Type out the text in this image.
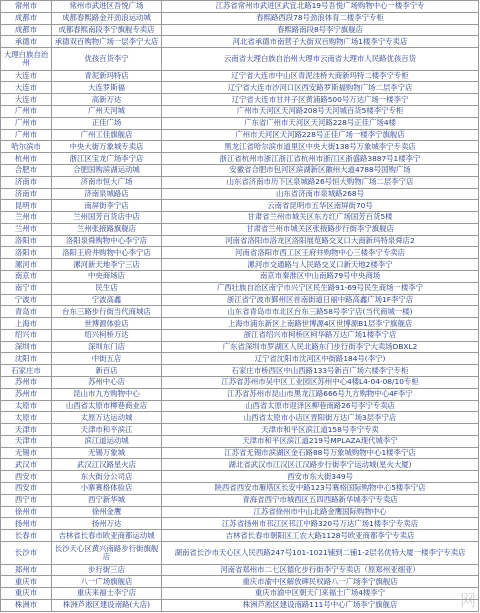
常州市	常州市武进区吾悦广场	江苏省常州市武进区武宜北路19号吾悦广场购物中心一楼李宁专
成都市	成都春熙路金开劲浪运动城	春熙路西段78号劲浪体育二楼李宁专柜
成都市	成都春熙南段李宁旗舰专卖店	春熙路南段8号李宁旗舰店
承德市	承德双百购物广场一层李宁大店	河北省承德市南营子大街双百购物广场1楼李宁专卖店
大理白族自治州	优孩百货李宁	云南省大理白族自治州大理市云南省大理市人民路优孩百货
大连市	青泥新玛特店	辽宁省大连市中山区青泥洼桥大商新玛特二楼李宁专柜
大连市	大连罗斯福	辽宁省大连市沙河口区西安路罗斯福购物广场二层李宁店
大连市	高新万达	辽宁省大连市甘井子区黄浦路500号万达广场一楼李宁
广州市	广州天河城	广州市天河区天河路208号天河城百货5楼李宁专柜
广州市	正佳广场	广东省广州市天河区天河路228号正佳广场4楼
广州市	广州工佳旗舰店	广州市天河区天河路228号正佳广场一楼李宁旗舰店
哈尔滨市	中央大街万象城专卖店	黑龙江省哈尔滨市道里区中央大街138号万象城李宁专卖店
杭州市	浙江区宝龙广场李宁店	浙江省杭州市浙江浙江省杭州市浙江区浙盛路3887号1楼李宁
合肥市	合肥国购滨湖运动城	安徽省合肥市包河区滨湖新区徽州大道4788号国购广场
济南市	济南市恒大广场	山东省济南市历下区泉城路26号恒大购物广场二层李宁店
济南市	济南泉城路店	山东省济南市泉城路268号
昆明市	南屏街李宁店	云南省昆明市五华区南屏街70号
兰州市	兰州国芳百货店中店	甘肃省兰州市城关区东方红广场国芳百货5楼
兰州市	兰州张掖路旗舰店	甘肃省兰州市城关区张掖路步行街李宁旗舰店
洛阳市	洛阳泉舜购物中心李宁店	河南省洛阳市洛龙区洛阳展览路交叉口大商新玛特泉舜店2
洛阳市	洛阳王府井购物中心李宁店	河南省洛阳市西工区王府井购物中心三楼李宁专卖店
漯河市	漯河新天地李宁三店	漯河市交通路与人民路交叉口新天地2楼李宁
南京市	中央商场店	南京市秦淮区中山南路79号中央商场
南宁市	民生店	广西壮族自治区南宁市兴宁区民生路91-69号民生商场一楼李宁
宁波市	宁波高鑫	浙江省宁波市鄞州区首南街道日丽中路高鑫广场1F李宁店
青岛市	台东三路步行街当代商城店	山东省青岛市市北区台东三路58号李宁店(当代商城一楼)
上海市	世博源体验店	上海市浦东新区上南路世博源4区世博源B1层李宁旗舰店
绍兴市	绍兴柯桥万达	浙江省绍兴市柯桥区柯华路万达广场1楼李宁店
深圳市	深圳东门店	广东省深圳市罗湖区人民北路东门步行街李宁大卖场DBXL2
沈阳市	中街五店	辽宁省沈阳市沈河区中街路184号(李宁)
石家庄市	新百店	石家庄市桥西区中山西路133号新百广场六楼李宁专柜
苏州市	苏州中心店	江苏省苏州市吴中区工业园区苏州中心4楼L4-04-08/10专柜
苏州市	昆山市九方购物中心	江苏省苏州市昆山市黑龙江路666号九方购物中心4F李宁
太原市	山西省太原市柳巷商业店	山西省太原市迎泽区柳巷南路26号李宁专卖店
太原市	太原万达运动城	山西省太原市小店区晋阳街万达广场3层李宁店
天津市	天津市和平滨江	天津市和平区滨江道158号李宁专卖
天津市	滨江道运动城	天津市和平区滨江道219号MPLAZA现代城李宁
无锡市	无锡万象城	江苏省无锡市滨湖区金石路88号万象城购物中心1楼李宁店
武汉市	武汉江汉路星火店	湖北省武汉市江汉区江汉路步行街李宁运动城(星火大厦)
西安市	东大街分公司店	西安市东大街349号
西安市	小寨赛格体验店	陕西省西安市雁塔区长安中路123号赛格国际购物中心5楼李宁店
西宁市	西宁新华城	青海省西宁市城西区五四西路新华城李宁专卖店
徐州市	徐州金鹰	江苏省徐州市中山北路金鹰国际购物中心
扬州市	扬州万达	江苏省扬州市邗江区邗江中路320号万达广场1楼李宁专卖店
长春市	吉林省长春市欧亚商都运动城	吉林省长春市朝阳区工农大路1128号欧亚商都李宁专卖店
长沙市	长沙天心区黄兴南路步行街旗舰店	湖南省长沙市天心区人民西路247号101-1021铺到二铺1-2层名优特大厦一楼李宁专卖店
郑州市	步行街三店	河南省郑州市二七区德化步行街李宁专卖店（原郑州亚细亚）
重庆市	八一广场旗舰店	重庆市渝中区解放碑民权路八一广场李宁旗舰店
重庆市	重庆来福士李宁店	重庆市渝中区朝天门来福士广场4楼李宁
株洲市	株洲芦淞区建设南路(大店)	株洲芦淞区建设南路111号中心广场李宁旗舰店	网
